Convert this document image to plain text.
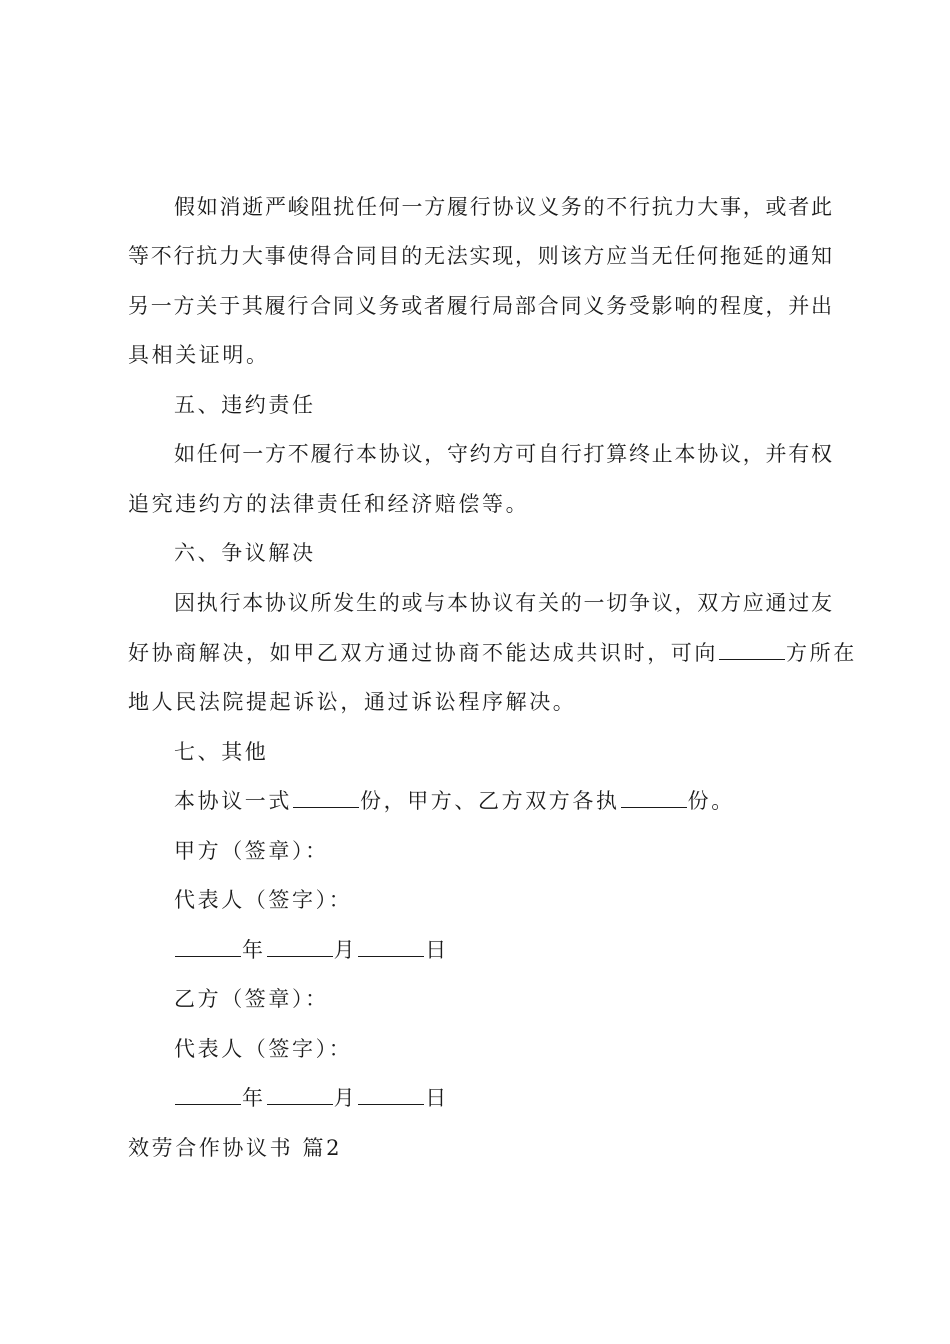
假如消逝严峻阻扰任何一方履行协议义务的不行抗力大事，或者此
等不行抗力大事使得合同目的无法实现，则该方应当无任何拖延的通知
另一方关于其履行合同义务或者履行局部合同义务受影响的程度，并出
具相关证明。
五、违约责任
如任何一方不履行本协议，守约方可自行打算终止本协议，并有权
追究违约方的法律责任和经济赔偿等。
六、争议解决
因执行本协议所发生的或与本协议有关的一切争议，双方应通过友
好协商解决，如甲乙双方通过协商不能达成共识时，可向	方所在
地人民法院提起诉讼，通过诉讼程序解决。
七、其他
本协议一式	份，甲方、乙方双方各执	份。
甲方（签章）：
代表人（签字）：
年	月	日
乙方（签章）：
代表人（签字）：
年	月	日
效劳合作协议书 篇2
